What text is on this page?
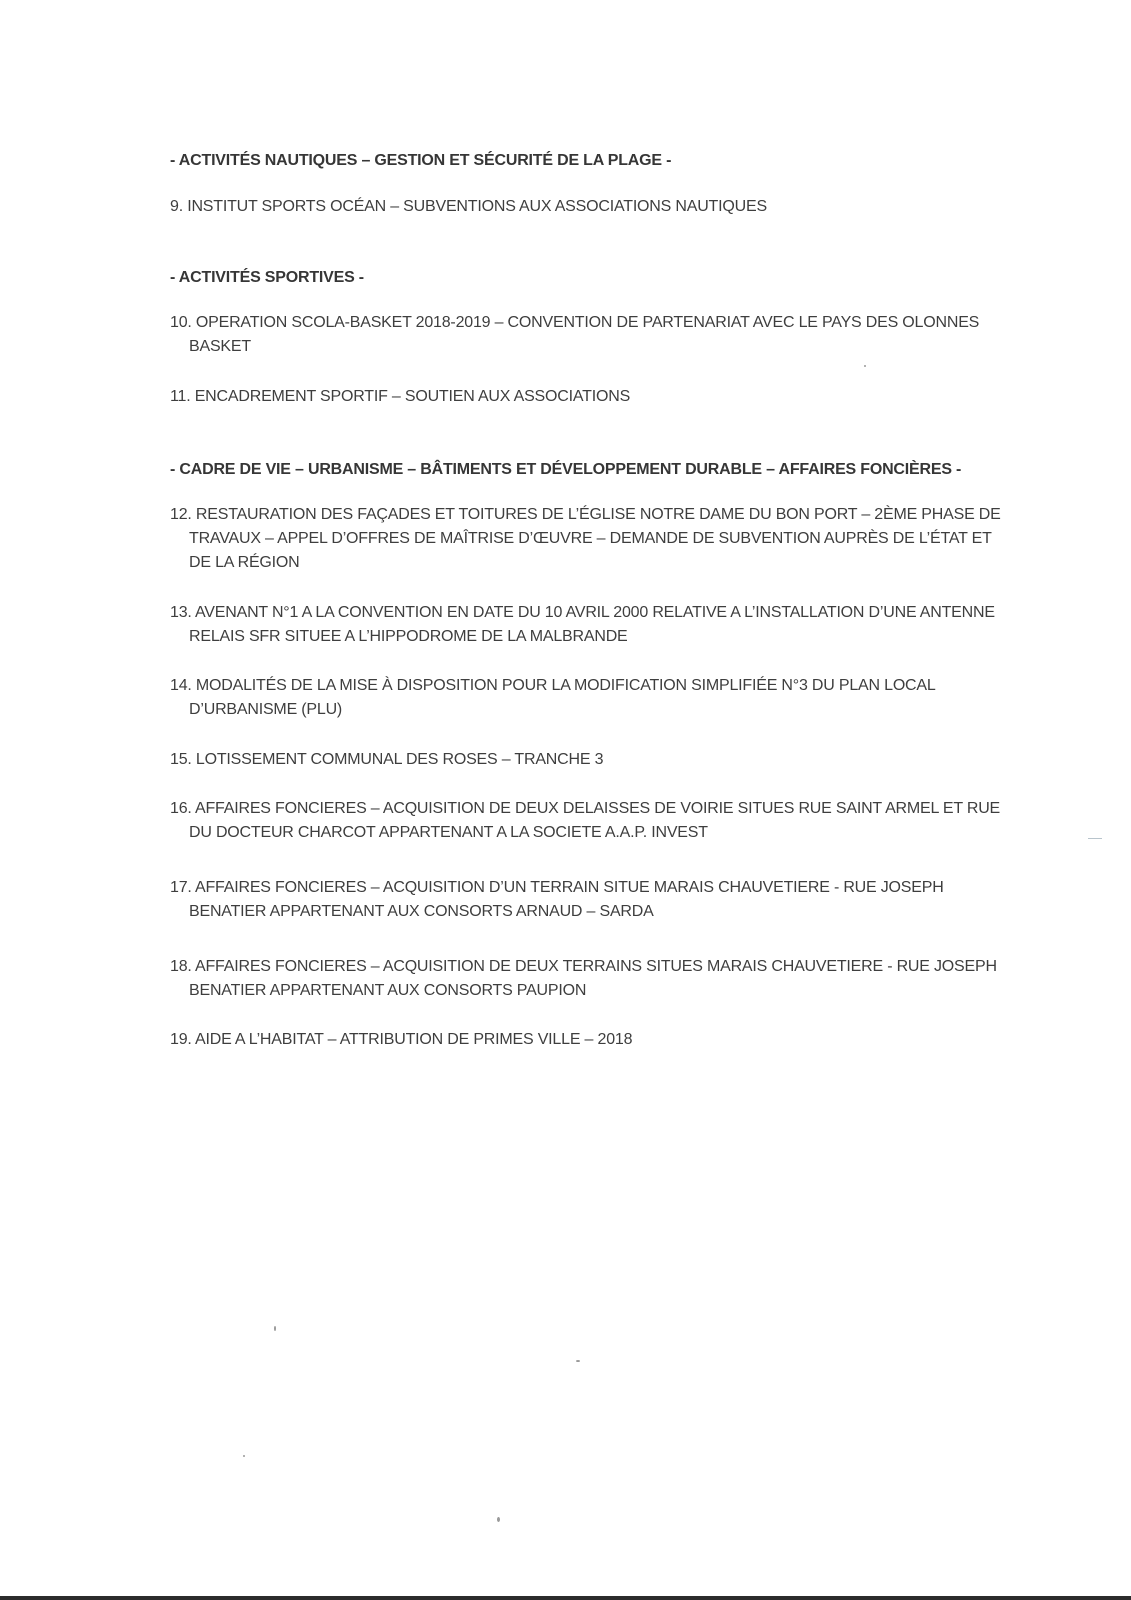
- ACTIVITÉS NAUTIQUES – GESTION ET SÉCURITÉ DE LA PLAGE -
9. INSTITUT SPORTS OCÉAN – SUBVENTIONS AUX ASSOCIATIONS NAUTIQUES
- ACTIVITÉS SPORTIVES -
10. OPERATION SCOLA-BASKET 2018-2019 – CONVENTION DE PARTENARIAT AVEC LE PAYS DES OLONNES BASKET
11. ENCADREMENT SPORTIF – SOUTIEN AUX ASSOCIATIONS
- CADRE DE VIE – URBANISME – BÂTIMENTS ET DÉVELOPPEMENT DURABLE – AFFAIRES FONCIÈRES -
12. RESTAURATION DES FAÇADES ET TOITURES DE L’ÉGLISE NOTRE DAME DU BON PORT – 2ÈME PHASE DE TRAVAUX – APPEL D’OFFRES DE MAÎTRISE D’ŒUVRE – DEMANDE DE SUBVENTION AUPRÈS DE L’ÉTAT ET DE LA RÉGION
13. AVENANT N°1 A LA CONVENTION EN DATE DU 10 AVRIL 2000 RELATIVE A L’INSTALLATION D’UNE ANTENNE RELAIS SFR SITUEE A L’HIPPODROME DE LA MALBRANDE
14. MODALITÉS DE LA MISE À DISPOSITION POUR LA MODIFICATION SIMPLIFIÉE N°3 DU PLAN LOCAL D’URBANISME (PLU)
15. LOTISSEMENT COMMUNAL DES ROSES – TRANCHE 3
16. AFFAIRES FONCIERES – ACQUISITION DE DEUX DELAISSES DE VOIRIE SITUES RUE SAINT ARMEL ET RUE DU DOCTEUR CHARCOT APPARTENANT A LA SOCIETE A.A.P. INVEST
17. AFFAIRES FONCIERES – ACQUISITION D’UN TERRAIN SITUE MARAIS CHAUVETIERE - RUE JOSEPH BENATIER APPARTENANT AUX CONSORTS ARNAUD – SARDA
18. AFFAIRES FONCIERES – ACQUISITION DE DEUX TERRAINS SITUES MARAIS CHAUVETIERE - RUE JOSEPH BENATIER APPARTENANT AUX CONSORTS PAUPION
19. AIDE A L’HABITAT – ATTRIBUTION DE PRIMES VILLE – 2018
